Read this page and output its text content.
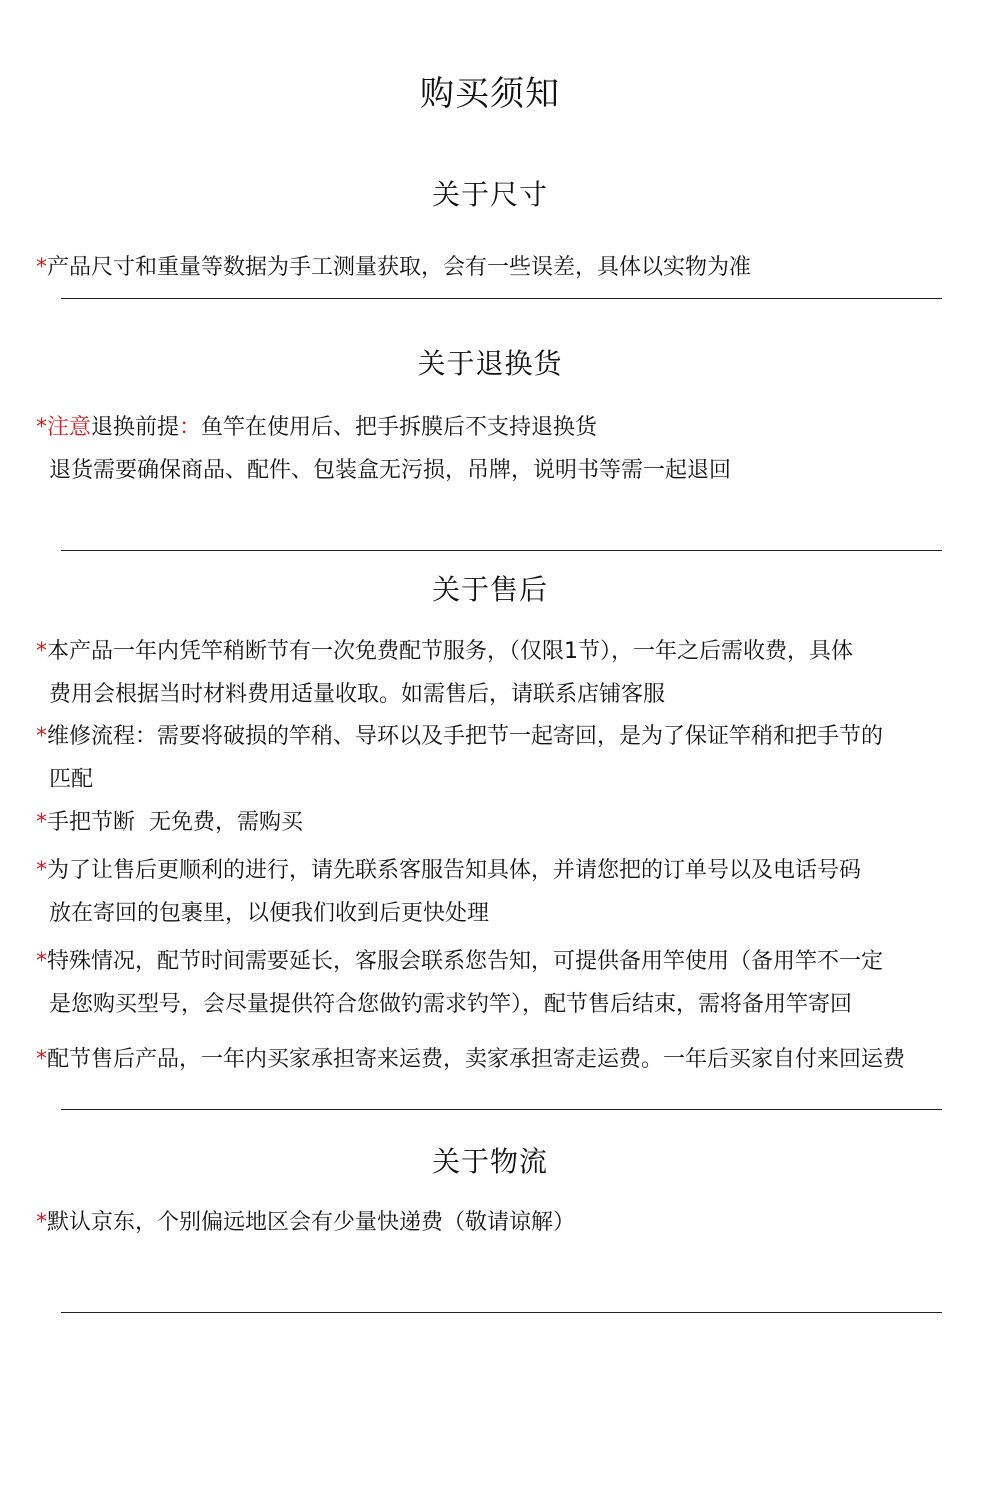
购买须知
关于尺寸
*产品尺寸和重量等数据为手工测量获取，会有一些误差，具体以实物为准
关于退换货
*注意退换前提：鱼竿在使用后、把手拆膜后不支持退换货
退货需要确保商品、配件、包装盒无污损，吊牌，说明书等需一起退回
关于售后
*本产品一年内凭竿稍断节有一次免费配节服务，（仅限1节），一年之后需收费，具体
费用会根据当时材料费用适量收取。如需售后，请联系店铺客服
*维修流程：需要将破损的竿稍、导环以及手把节一起寄回，是为了保证竿稍和把手节的
匹配
*手把节断  无免费，需购买
*为了让售后更顺利的进行，请先联系客服告知具体，并请您把的订单号以及电话号码
放在寄回的包裹里，以便我们收到后更快处理
*特殊情况，配节时间需要延长，客服会联系您告知，可提供备用竿使用（备用竿不一定
是您购买型号，会尽量提供符合您做钓需求钓竿），配节售后结束，需将备用竿寄回
*配节售后产品，一年内买家承担寄来运费，卖家承担寄走运费。一年后买家自付来回运费
关于物流
*默认京东，个别偏远地区会有少量快递费（敬请谅解）
